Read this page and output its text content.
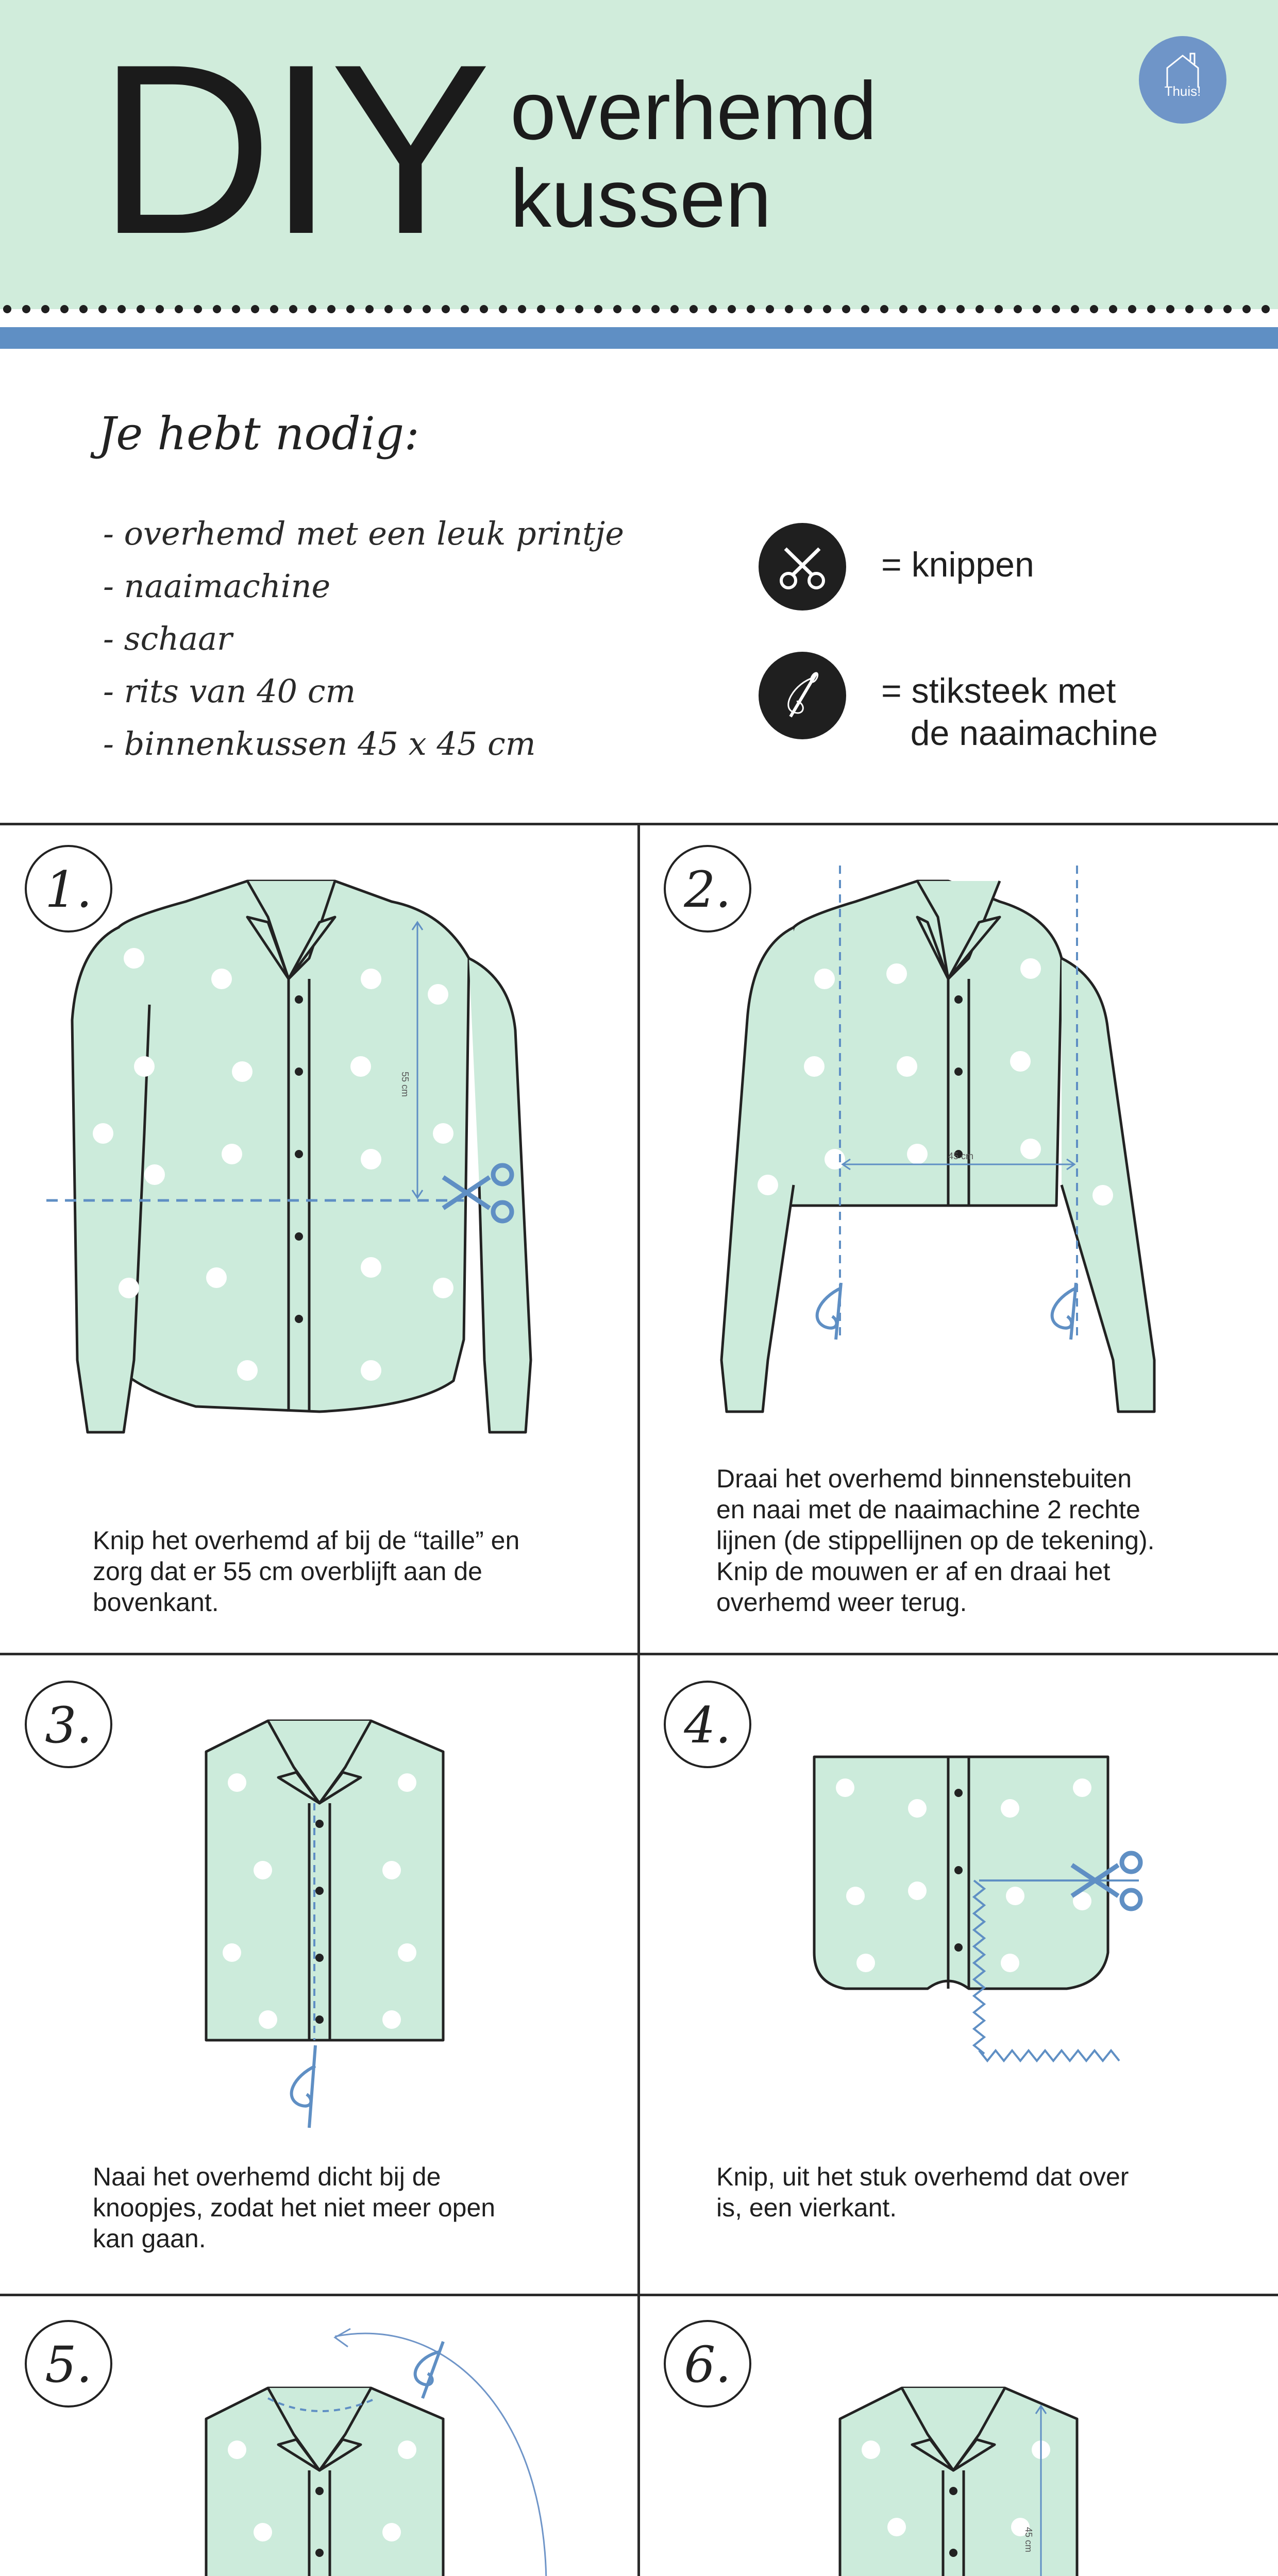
DIY overhemd
kussen
Thuis!
Je hebt nodig:
- overhemd met een leuk printje
- naaimachine
- schaar
- rits van 40 cm
- binnenkussen 45 x 45 cm
= knippen
= stiksteek met
de naaimachine
1.
55 cm
Knip het overhemd af bij de “taille” en
zorg dat er 55 cm overblijft aan de
bovenkant.
2.
45 cm
Draai het overhemd binnenstebuiten
en naai met de naaimachine 2 rechte
lijnen (de stippellijnen op de tekening).
Knip de mouwen er af en draai het
overhemd weer terug.
3.
Naai het overhemd dicht bij de
knoopjes, zodat het niet meer open
kan gaan.
4.
Knip, uit het stuk overhemd dat over
is, een vierkant.
5.	6.
45 cm
